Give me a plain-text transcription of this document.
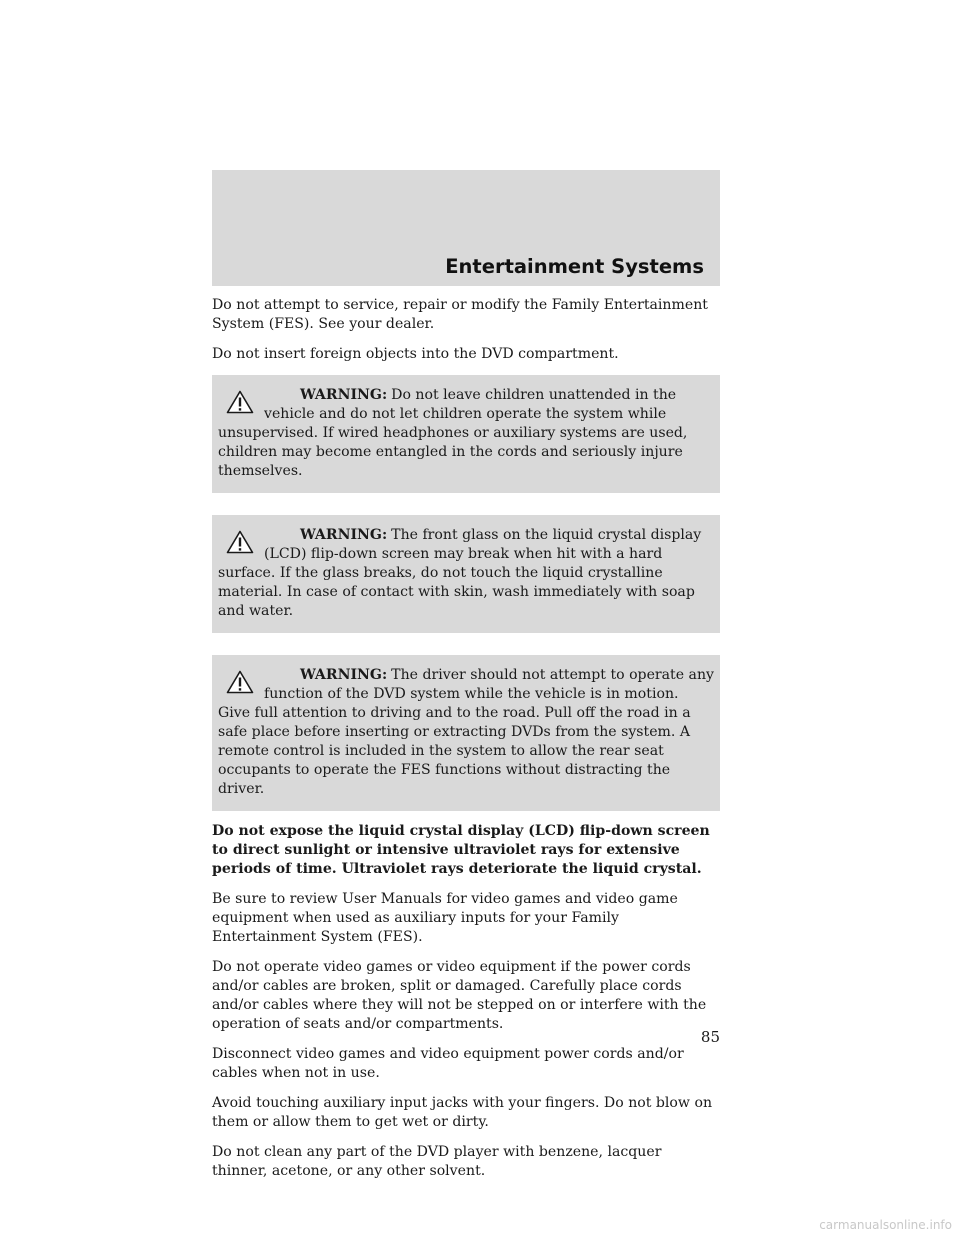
Entertainment Systems

Do not attempt to service, repair or modify the Family Entertainment System (FES). See your dealer.

Do not insert foreign objects into the DVD compartment.

WARNING: Do not leave children unattended in the vehicle and do not let children operate the system while unsupervised. If wired headphones or auxiliary systems are used, children may become entangled in the cords and seriously injure themselves.
WARNING: The front glass on the liquid crystal display (LCD) flip-down screen may break when hit with a hard surface. If the glass breaks, do not touch the liquid crystalline material. In case of contact with skin, wash immediately with soap and water.
WARNING: The driver should not attempt to operate any function of the DVD system while the vehicle is in motion. Give full attention to driving and to the road. Pull off the road in a safe place before inserting or extracting DVDs from the system. A remote control is included in the system to allow the rear seat occupants to operate the FES functions without distracting the driver.

Do not expose the liquid crystal display (LCD) flip-down screen to direct sunlight or intensive ultraviolet rays for extensive periods of time. Ultraviolet rays deteriorate the liquid crystal.

Be sure to review User Manuals for video games and video game equipment when used as auxiliary inputs for your Family Entertainment System (FES).

Do not operate video games or video equipment if the power cords and/or cables are broken, split or damaged. Carefully place cords and/or cables where they will not be stepped on or interfere with the operation of seats and/or compartments.

Disconnect video games and video equipment power cords and/or cables when not in use.

Avoid touching auxiliary input jacks with your fingers. Do not blow on them or allow them to get wet or dirty.

Do not clean any part of the DVD player with benzene, lacquer thinner, acetone, or any other solvent.

85
carmanualsonline.info
